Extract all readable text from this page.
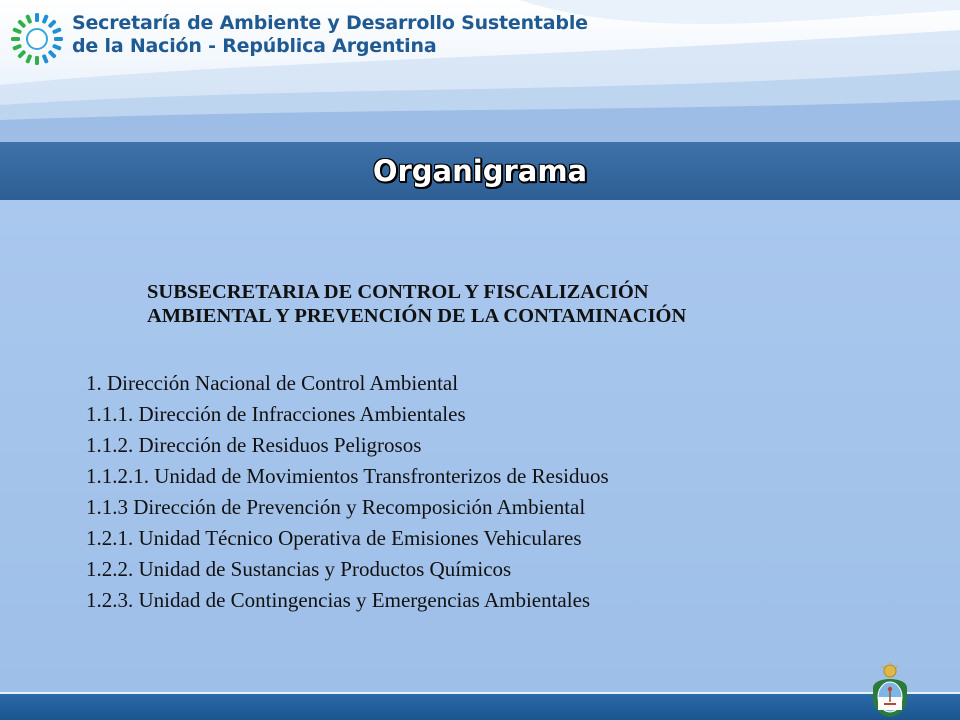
Secretaría de Ambiente y Desarrollo Sustentable
de la Nación - República Argentina
Organigrama
SUBSECRETARIA DE CONTROL Y FISCALIZACIÓN
AMBIENTAL Y PREVENCIÓN DE LA CONTAMINACIÓN
1. Dirección Nacional de Control Ambiental
1.1.1. Dirección de Infracciones Ambientales
1.1.2. Dirección de Residuos Peligrosos
1.1.2.1. Unidad de Movimientos Transfronterizos de Residuos
1.1.3 Dirección de Prevención y Recomposición Ambiental
1.2.1. Unidad Técnico Operativa de Emisiones Vehiculares
1.2.2. Unidad de Sustancias y Productos Químicos
1.2.3. Unidad de Contingencias y Emergencias Ambientales
